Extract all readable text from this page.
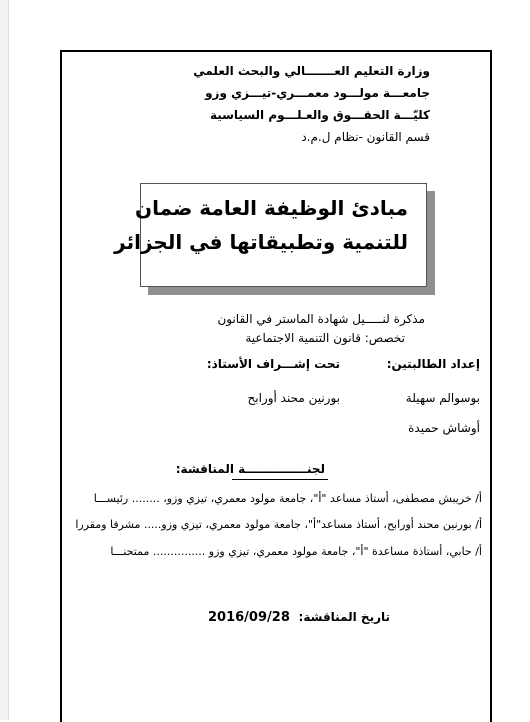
وزارة التعليم العـــــــالي والبحث العلمي
جامعـــة مولـــود معمـــري-تيـــزي وزو
كليّـــة الحقـــوق والعـلـــوم السياسية
قسم القانون -نظام ل.م.د
مبادئ الوظيفة العامة ضمان
للتنمية وتطبيقاتها في الجزائر
مذكرة لنـــــيل شهادة الماستر في القانون
تخصص: قانون التنمية الاجتماعية
إعداد الطالبتين:
تحت إشـــراف الأستاذ:
بوسوالم سهيلة
بورنين محند أورابح
أوشاش حميدة
لجنـــــــــــــــة المناقشة:
أ/ خريبش مصطفى، أستاذ مساعد "أ"، جامعة مولود معمري، تيزي وزو، ........ رئيســـا
أ/ بورنين محند أورابح، أستاذ مساعد"أ"، جامعة مولود معمري، تيزي وزو..... مشرفا ومقررا
أ/ حابي، أستاذة مساعدة "أ"، جامعة مولود معمري، تيزي وزو ............... ممتحنـــا
تاريخ المناقشة:
2016/09/28
